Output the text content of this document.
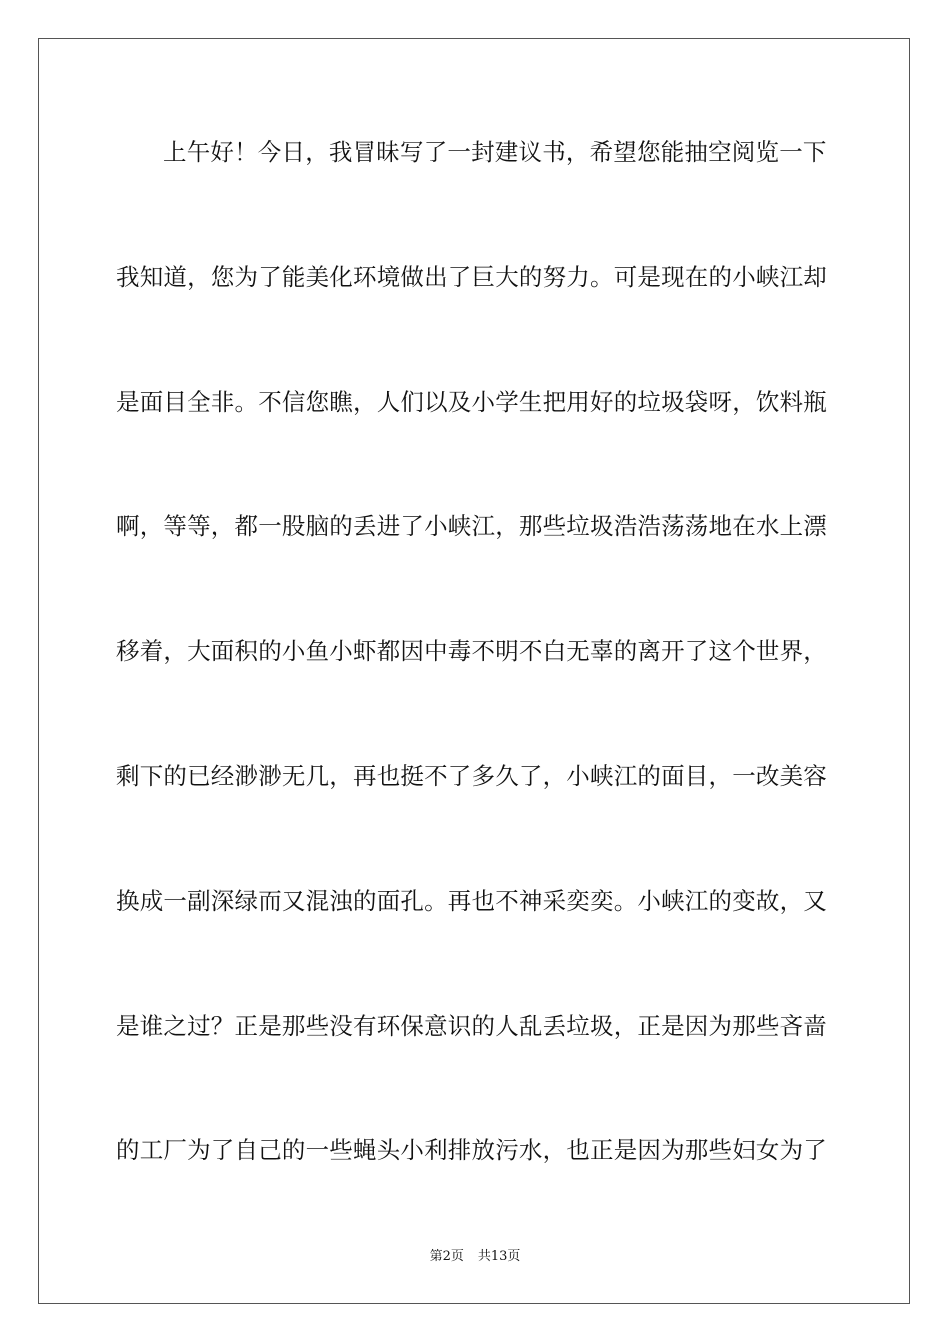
上午好！今日，我冒昧写了一封建议书，希望您能抽空阅览一下
我知道，您为了能美化环境做出了巨大的努力。可是现在的小峡江却
是面目全非。不信您瞧，人们以及小学生把用好的垃圾袋呀，饮料瓶
啊，等等，都一股脑的丢进了小峡江，那些垃圾浩浩荡荡地在水上漂
移着，大面积的小鱼小虾都因中毒不明不白无辜的离开了这个世界，
剩下的已经渺渺无几，再也挺不了多久了，小峡江的面目，一改美容
换成一副深绿而又混浊的面孔。再也不神采奕奕。小峡江的变故，又
是谁之过？正是那些没有环保意识的人乱丢垃圾，正是因为那些吝啬
的工厂为了自己的一些蝇头小利排放污水，也正是因为那些妇女为了
第2页 共13页
